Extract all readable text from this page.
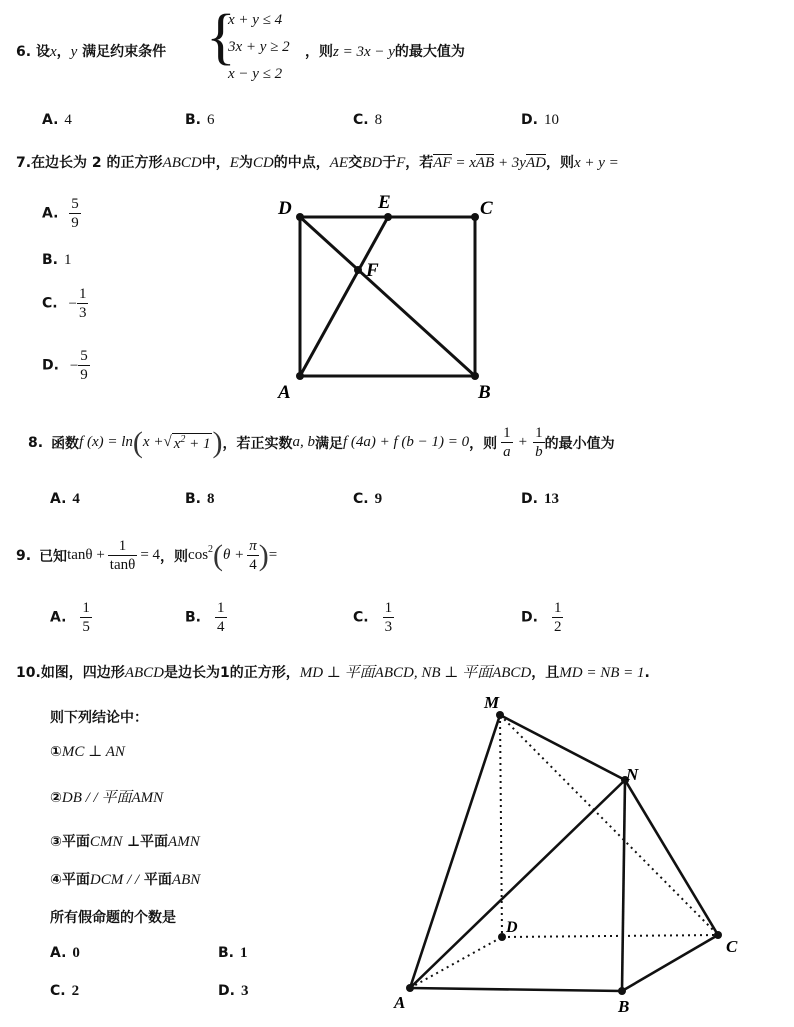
6. 设x，y 满足约束条件 {
x + y ≤ 4
3x + y ≥ 2
x − y ≤ 2
，则z = 3x − y的最大值为
A. 4	B. 6	C. 8	D. 10
7.在边长为 2 的正方形ABCD中，E为CD的中点，AE交BD于F，若AF = xAB + 3yAD，则x + y =
A. $\frac{5}{9}$
B. 1
C. − $\frac{1}{3}$
D. − $\frac{5}{9}$
D	E	C
F
A	B
8. 函数 f (x) = ln ( x + √ $x^2 + 1$ ) ，若正实数 a, b 满足 f (4a) + f (b − 1) = 0 ，则 $\frac{1}{a} + \frac{1}{b}$ 的最小值为
A. 4	B. 8	C. 9	D. 13
9. 已知 $\tan\theta + \frac{1}{\tan\theta} = 4$ ，则 cos 2 ( $\theta + \frac{\pi}{4}$ ) =
A. $\frac{1}{5}$	B. $\frac{1}{4}$	C. $\frac{1}{3}$	D. $\frac{1}{2}$
10.如图，四边形ABCD是边长为1的正方形，MD ⊥ 平面ABCD, NB ⊥ 平面ABCD，且MD = NB = 1.
则下列结论中：
①MC ⊥ AN
②DB / / 平面AMN
③平面CMN ⊥平面AMN
④平面DCM / / 平面ABN
所有假命题的个数是
A. 0	B. 1
C. 2	D. 3
M
N
D
C
A	B
